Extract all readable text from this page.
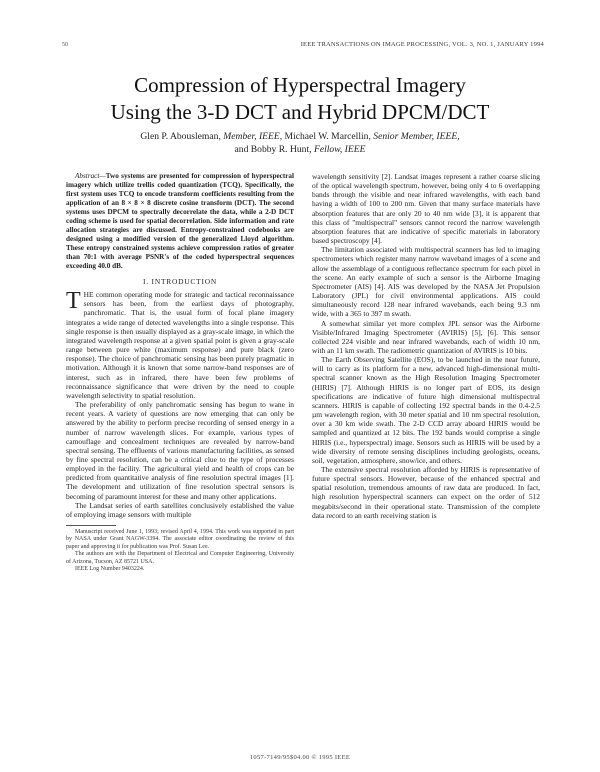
50	IEEE TRANSACTIONS ON IMAGE PROCESSING, VOL. 3, NO. 1, JANUARY 1994
Compression of Hyperspectral Imagery
Using the 3-D DCT and Hybrid DPCM/DCT
Glen P. Abousleman, Member, IEEE, Michael W. Marcellin, Senior Member, IEEE,
and Bobby R. Hunt, Fellow, IEEE

Abstract—Two systems are presented for compression of hyperspectral imagery which utilize trellis coded quantization (TCQ). Specifically, the first system uses TCQ to encode transform coefficients resulting from the application of an 8 × 8 × 8 discrete cosine transform (DCT). The second systems uses DPCM to spectrally decorrelate the data, while a 2-D DCT coding scheme is used for spatial decorrelation. Side information and rate allocation strategies are discussed. Entropy-constrained codebooks are designed using a modified version of the generalized Lloyd algorithm. These entropy constrained systems achieve compression ratios of greater than 70:1 with average PSNR's of the coded hyperspectral sequences exceeding 40.0 dB.

I. INTRODUCTION

THE common operating mode for strategic and tactical reconnaissance sensors has been, from the earliest days of photography, panchromatic. That is, the usual form of focal plane imagery integrates a wide range of detected wavelengths into a single response. This single response is then usually displayed as a gray-scale image, in which the integrated wavelength response at a given spatial point is given a gray-scale range between pure white (maximum response) and pure black (zero response). The choice of panchromatic sensing has been purely pragmatic in motivation. Although it is known that some narrow-band responses are of interest, such as in infrared, there have been few problems of reconnaissance significance that were driven by the need to couple wavelength selectivity to spatial resolution.

The preferability of only panchromatic sensing has begun to wane in recent years. A variety of questions are now emerging that can only be answered by the ability to perform precise recording of sensed energy in a number of narrow wavelength slices. For example, various types of camouflage and concealment techniques are revealed by narrow-band spectral sensing. The effluents of various manufacturing facilities, as sensed by fine spectral resolution, can be a critical clue to the type of processes employed in the facility. The agricultural yield and health of crops can be predicted from quantitative analysis of fine resolution spectral images [1]. The development and utilization of fine resolution spectral sensors is becoming of paramount interest for these and many other applications.

The Landsat series of earth satellites conclusively established the value of employing image sensors with multiple

Manuscript received June 1, 1993; revised April 4, 1994. This work was supported in part by NASA under Grant NAGW-3394. The associate editor coordinating the review of this paper and approving it for publication was Prof. Susan Lee.

The authors are with the Department of Electrical and Computer Engineering, University of Arizona, Tucson, AZ 85721 USA.

IEEE Log Number 9403224.

wavelength sensitivity [2]. Landsat images represent a rather coarse slicing of the optical wavelength spectrum, however, being only 4 to 6 overlapping bands through the visible and near infrared wavelengths, with each band having a width of 100 to 200 nm. Given that many surface materials have absorption features that are only 20 to 40 nm wide [3], it is apparent that this class of "multispectral" sensors cannot record the narrow wavelength absorption features that are indicative of specific materials in laboratory based spectroscopy [4].

The limitation associated with multispectral scanners has led to imaging spectrometers which register many narrow waveband images of a scene and allow the assemblage of a contiguous reflectance spectrum for each pixel in the scene. An early example of such a sensor is the Airborne Imaging Spectrometer (AIS) [4]. AIS was developed by the NASA Jet Propulsion Laboratory (JPL) for civil environmental applications. AIS could simultaneously record 128 near infrared wavebands, each being 9.3 nm wide, with a 365 to 397 m swath.

A somewhat similar yet more complex JPL sensor was the Airborne Visible/Infrared Imaging Spectrometer (AVIRIS) [5], [6]. This sensor collected 224 visible and near infrared wavebands, each of width 10 nm, with an 11 km swath. The radiometric quantization of AVIRIS is 10 bits.

The Earth Observing Satellite (EOS), to be launched in the near future, will to carry as its platform for a new, advanced high-dimensional multi-spectral scanner known as the High Resolution Imaging Spectrometer (HIRIS) [7]. Although HIRIS is no longer part of EOS, its design specifications are indicative of future high dimensional multispectral scanners. HIRIS is capable of collecting 192 spectral bands in the 0.4-2.5 µm wavelength region, with 30 meter spatial and 10 nm spectral resolution, over a 30 km wide swath. The 2-D CCD array aboard HIRIS would be sampled and quantized at 12 bits. The 192 bands would comprise a single HIRIS (i.e., hyperspectral) image. Sensors such as HIRIS will be used by a wide diversity of remote sensing disciplines including geologists, oceans, soil, vegetation, atmosphere, snow/ice, and others.

The extensive spectral resolution afforded by HIRIS is representative of future spectral sensors. However, because of the enhanced spectral and spatial resolution, tremendous amounts of raw data are produced. In fact, high resolution hyperspectral scanners can expect on the order of 512 megabits/second in their operational state. Transmission of the complete data record to an earth receiving station is

1057-7149/95$04.00 © 1995 IEEE
